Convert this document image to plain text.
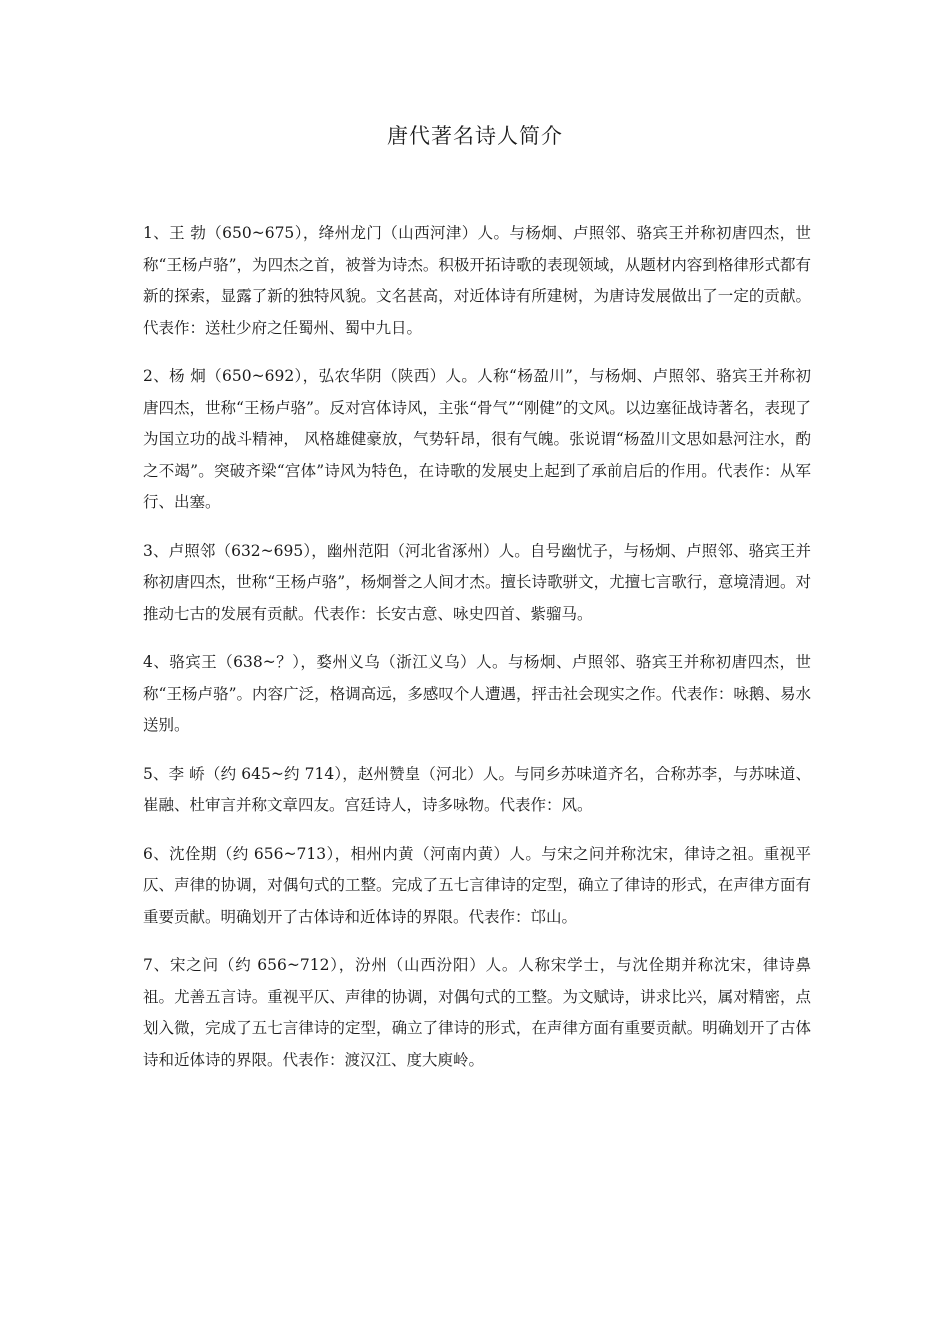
唐代著名诗人简介

1、王 勃（650~675），绛州龙门（山西河津）人。与杨炯、卢照邻、骆宾王并称初唐四杰，世称“王杨卢骆”，为四杰之首，被誉为诗杰。积极开拓诗歌的表现领域，从题材内容到格律形式都有新的探索，显露了新的独特风貌。文名甚高，对近体诗有所建树，为唐诗发展做出了一定的贡献。代表作：送杜少府之任蜀州、蜀中九日。

2、杨 炯（650~692），弘农华阴（陕西）人。人称“杨盈川”，与杨炯、卢照邻、骆宾王并称初唐四杰，世称“王杨卢骆”。反对宫体诗风，主张“骨气”“刚健”的文风。以边塞征战诗著名，表现了为国立功的战斗精神， 风格雄健豪放，气势轩昂，很有气魄。张说谓“杨盈川文思如悬河注水，酌之不竭”。突破齐梁“宫体”诗风为特色，在诗歌的发展史上起到了承前启后的作用。代表作：从军行、出塞。

3、卢照邻（632~695），幽州范阳（河北省涿州）人。自号幽忧子，与杨炯、卢照邻、骆宾王并称初唐四杰，世称“王杨卢骆”，杨炯誉之人间才杰。擅长诗歌骈文，尤擅七言歌行，意境清迥。对推动七古的发展有贡献。代表作：长安古意、咏史四首、紫骝马。

4、骆宾王（638~？），婺州义乌（浙江义乌）人。与杨炯、卢照邻、骆宾王并称初唐四杰，世称“王杨卢骆”。内容广泛，格调高远，多感叹个人遭遇，抨击社会现实之作。代表作：咏鹅、易水送别。

5、李 峤（约 645~约 714），赵州赞皇（河北）人。与同乡苏味道齐名，合称苏李，与苏味道、崔融、杜审言并称文章四友。宫廷诗人，诗多咏物。代表作：风。

6、沈佺期（约 656~713），相州内黄（河南内黄）人。与宋之问并称沈宋，律诗之祖。重视平仄、声律的协调，对偶句式的工整。完成了五七言律诗的定型，确立了律诗的形式，在声律方面有重要贡献。明确划开了古体诗和近体诗的界限。代表作：邙山。

7、宋之问（约 656~712），汾州（山西汾阳）人。人称宋学士，与沈佺期并称沈宋，律诗鼻祖。尤善五言诗。重视平仄、声律的协调，对偶句式的工整。为文赋诗，讲求比兴，属对精密，点划入微，完成了五七言律诗的定型，确立了律诗的形式，在声律方面有重要贡献。明确划开了古体诗和近体诗的界限。代表作：渡汉江、度大庾岭。
